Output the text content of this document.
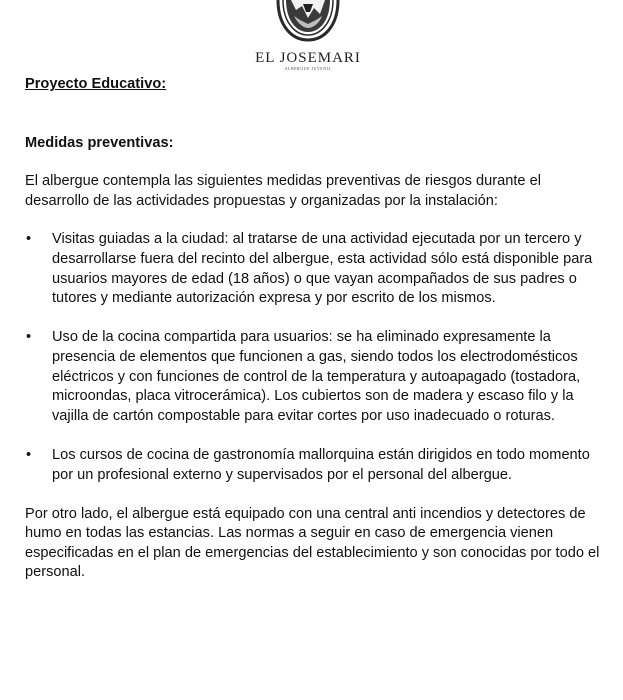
EL JOSEMARI
ALBERGUE JUVENIL

Proyecto Educativo:

Medidas preventivas:

El albergue contempla las siguientes medidas preventivas de riesgos durante el desarrollo de las actividades propuestas y organizadas por la instalación:

• Visitas guiadas a la ciudad: al tratarse de una actividad ejecutada por un tercero y desarrollarse fuera del recinto del albergue, esta actividad sólo está disponible para usuarios mayores de edad (18 años) o que vayan acompañados de sus padres o tutores y mediante autorización expresa y por escrito de los mismos.
• Uso de la cocina compartida para usuarios: se ha eliminado expresamente la presencia de elementos que funcionen a gas, siendo todos los electrodomésticos eléctricos y con funciones de control de la temperatura y autoapagado (tostadora, microondas, placa vitrocerámica). Los cubiertos son de madera y escaso filo y la vajilla de cartón compostable para evitar cortes por uso inadecuado o roturas.
• Los cursos de cocina de gastronomía mallorquina están dirigidos en todo momento por un profesional externo y supervisados por el personal del albergue.

Por otro lado, el albergue está equipado con una central anti incendios y detectores de humo en todas las estancias. Las normas a seguir en caso de emergencia vienen especificadas en el plan de emergencias del establecimiento y son conocidas por todo el personal.
